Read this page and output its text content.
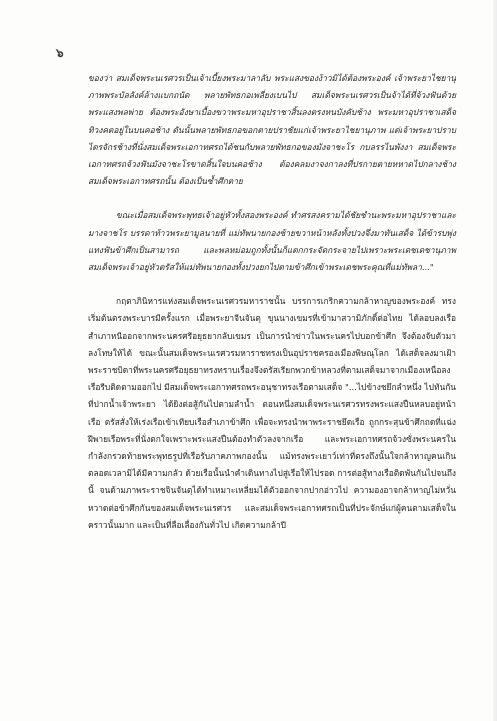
๖

ของว่า สมเด็จพระนเรศวรเป็นเจ้าเบี้ยงพระมาลาลับ พระแสงของง้าวมิได้ต้องพระองค์ เจ้าพระยาไชยานุภาพพระบัลลังค์ล้างแบกถนัด พลายพัทธกอเพลี่ยงเบนไป สมเด็จพระนเรศวรเป็นจ้าได้ที่จ้วงฟันด้วยพระแสงพลพ่าย ต้องพระอังษาเบื้องขวาพระมหาอุปราชาสิ้นลงตรงหนบังคับช้าง พระมหาอุปราชาเสด็จทิวงคตอยู่ในบนคอช้าง ตันนั้นพลายพัทธกอขอกตายปราชัยแก่เจ้าพระยาไชยานุภาพ แต่เจ้าพระยาปราบไตรจักรช้างที่นั่งสมเด็จพระเอกาทศรถได้ชนกับพลายพัทธกอของมังจาชะโร กบลรรไนพังงา สมเด็จพระเอกาทศรถจ้วงฟันมังจาชะโรขาดสิ้นใจบนคอช้าง ต้องคลมงาจงกาลงที่ปรกายตายหหาดไปกลางช้างสมเด็จพระเอกาทศรถนั้น ต้องเป็นซ้ำศึกตาย

ขณะเมื่อสมเด็จพระพุทธเจ้าอยู่หัวทั้งสองพระองค์ ทำศรสงครามได้ชัยชำนะพระมหาอุปราชาและ มางจาชโร บรรดาท้าวพระยามูลนายที่ แม่ทัพนายกองซ้ายขวาหน้าหลังทั้งปวงจึ่งมาทันเสด็จ ได้ข้ารบพุ่งแทงฟันข้าศึกเป็นสามารถ และพลหม่อมถูกทั้งนั้นก็แตกกระจัดกระจายไปเพราะพระเดชเดชานุภาพ สมเด็จพระเจ้าอยู่หัวตรัสให้แม่ทัพนายกองทั้งปวงยกไปตามข้าศึกเข้าพระเดชพระคุณที่แม่ทัพลา..."

กฤตาภินิหารแห่งสมเด็จพระนเรศวรมหาราชนั้น บรรการเกริกความกล้าหาญของพระองค์ ทรงเริ่มต้นตรงพระบารมีครั้งแรก เมื่อพระยาจีนจันตุ ขุนนางเขมรที่เข้ามาสวามิภักดิ์ต่อไทย ได้ลอบลงเรือสำเภาหนีออกจากพระนครศรีอยุธยากลับเขมร เป็นการนำข่าวในพระนครไปบอกข้าศึก จึงต้องจับตัวมาลงโทษให้ได้ ขณะนั้นสมเด็จพระนเรศวรมหาราชทรงเป็นอุปราชครองเมืองพิษณุโลก ได้เสด็จลงมาเฝ้าพระราชบิดาที่พระนครศรีอยุธยาทรงทราบเรื่องจึงตรัสเรียกพวกข้าหลวงที่ตามเสด็จมาจากเมืองเหนือลงเรือรีบติดตามออกไป มีสมเด็จพระเอกาทศรถพระอนุชาทรงเรือตามเสด็จ "...ไปข้างชยึกลำหนึ่ง ไปทันกันที่ปากน้ำเจ้าพระยา ได้ยิงต่อสู้กันไปตามลำน้ำ ตอนหนึ่งสมเด็จพระนเรศวรทรงพระแสงปืนหลบอยู่หน้าเรือ ตรัสสั่งให้เร่งเรือเข้าเทียบเรือสำเภาข้าศึก เพื่อจะทรงนำพาพระราชยึดเรือ ถูกกระสุนข้าศึกถดที่แฉ่ง ฝีพายเรือพระที่นั่งตกใจเพราะพระแสงปืนต้องทำตัวลงจากเรือ และพระเอกาทศรถจ้วงซั่งพระนครในกำลังกรวดท้ายพระพุทธรูปที่เรือรับภาคภาพกองนั้น แม้ทรงพระเยาว์เท่าที่ตรงถึงนั้นใจกล้าหาญคนเกินตลอดเวลามิได้มีความกลัว ด้วยเรือนั้นนำคำเดินทางไปสู่เรือให้ไปรอด การต่อสู้ทางเรือติดพันกันไปจนถึงนี้ จนด้ามภาพระราชจินจันตุได้ทำเหมาะเหลี่ยมได้ตัวออกจากปากอ่าวไป ความองอาจกล้าหาญไม่หวั่นหวาดต่อข้าศึกกันของสมเด็จพระนเรศวร และสมเด็จพระเอกาทศรถเป็นที่ประจักษ์แก่ผู้คนตามเสด็จในคราวนั้นมาก และเป็นที่ลือเลื่องกันทั่วไป เกิดความกล้าปี
